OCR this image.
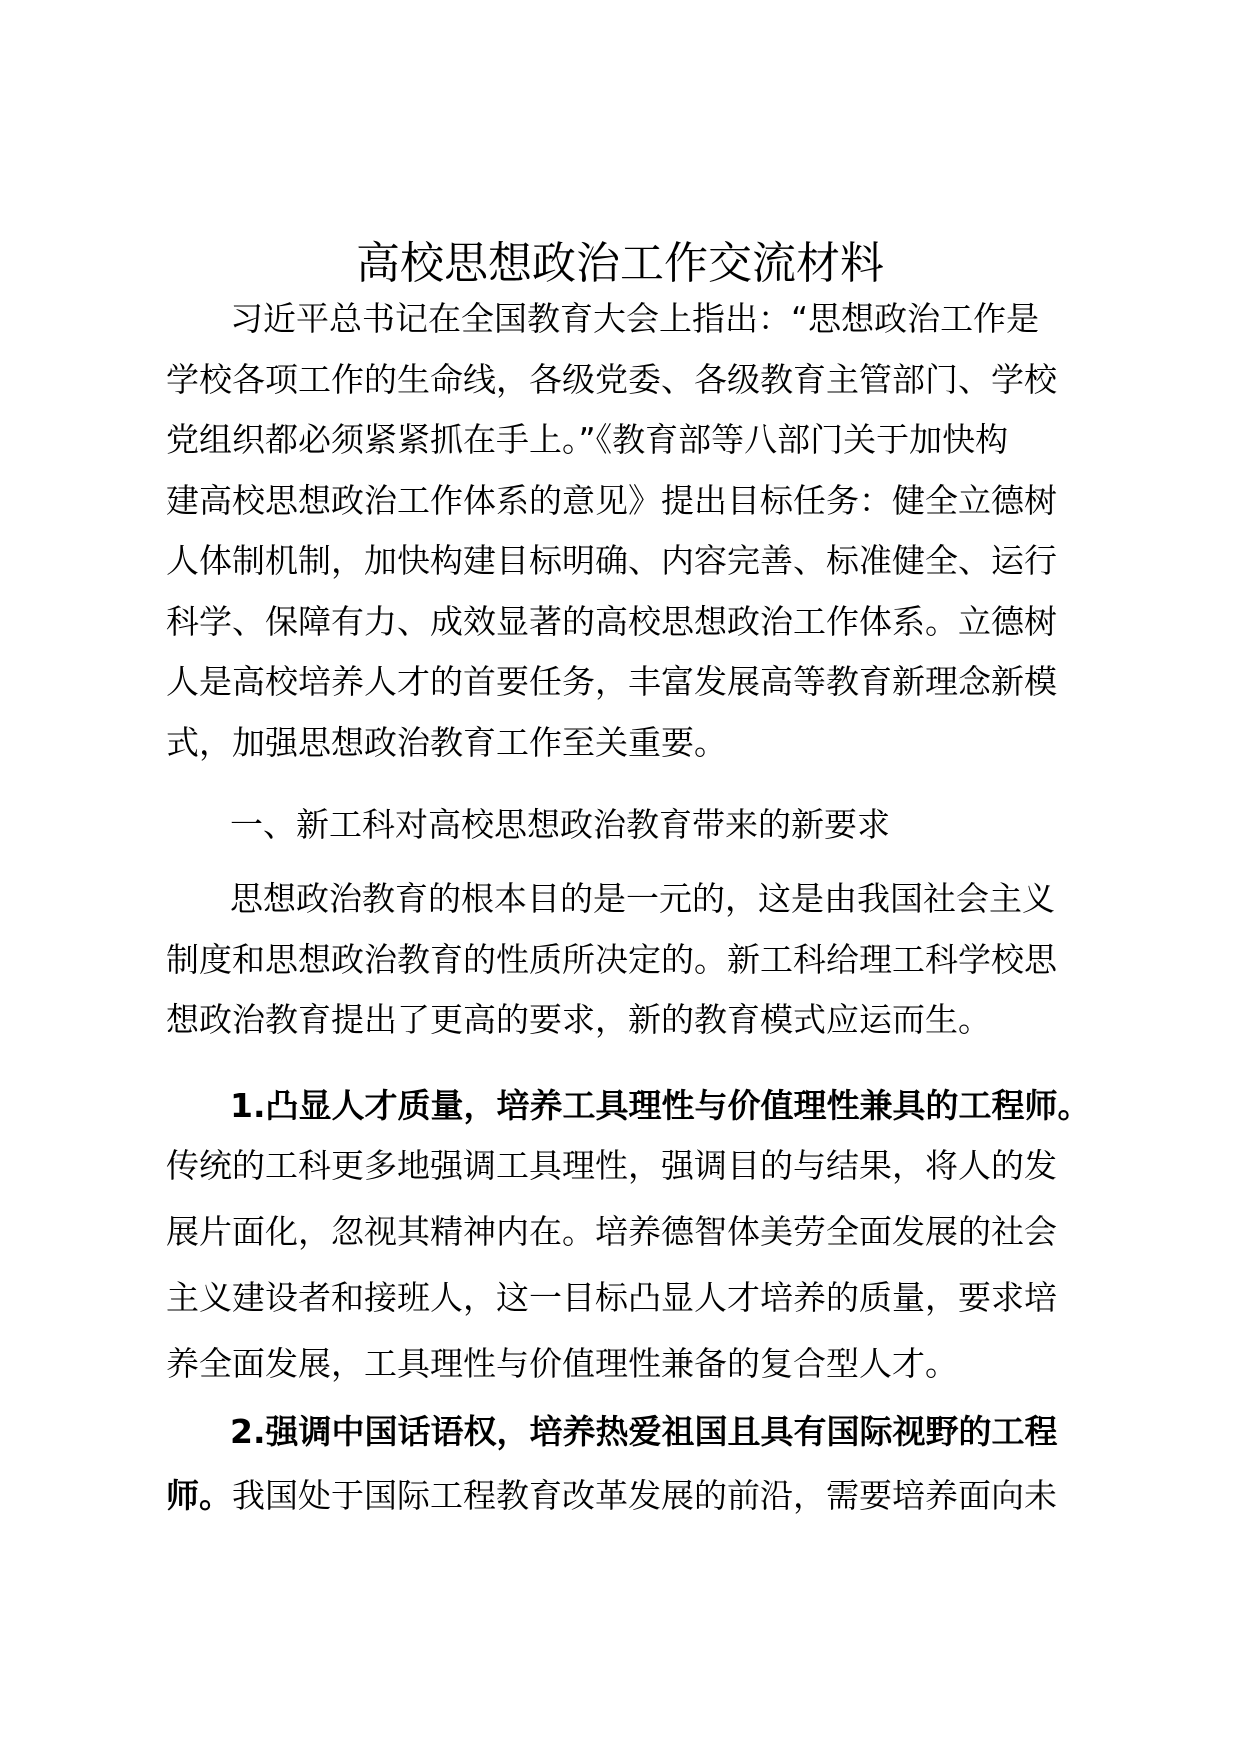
高校思想政治工作交流材料

习近平总书记在全国教育大会上指出：“思想政治工作是

学校各项工作的生命线，各级党委、各级教育主管部门、学校

党组织都必须紧紧抓在手上。”《教育部等八部门关于加快构

建高校思想政治工作体系的意见》提出目标任务：健全立德树

人体制机制，加快构建目标明确、内容完善、标准健全、运行

科学、保障有力、成效显著的高校思想政治工作体系。立德树

人是高校培养人才的首要任务，丰富发展高等教育新理念新模

式，加强思想政治教育工作至关重要。

一、新工科对高校思想政治教育带来的新要求

思想政治教育的根本目的是一元的，这是由我国社会主义

制度和思想政治教育的性质所决定的。新工科给理工科学校思

想政治教育提出了更高的要求，新的教育模式应运而生。

1.凸显人才质量，培养工具理性与价值理性兼具的工程师。

传统的工科更多地强调工具理性，强调目的与结果，将人的发

展片面化，忽视其精神内在。培养德智体美劳全面发展的社会

主义建设者和接班人，这一目标凸显人才培养的质量，要求培

养全面发展，工具理性与价值理性兼备的复合型人才。

2.强调中国话语权，培养热爱祖国且具有国际视野的工程

师。我国处于国际工程教育改革发展的前沿，需要培养面向未
